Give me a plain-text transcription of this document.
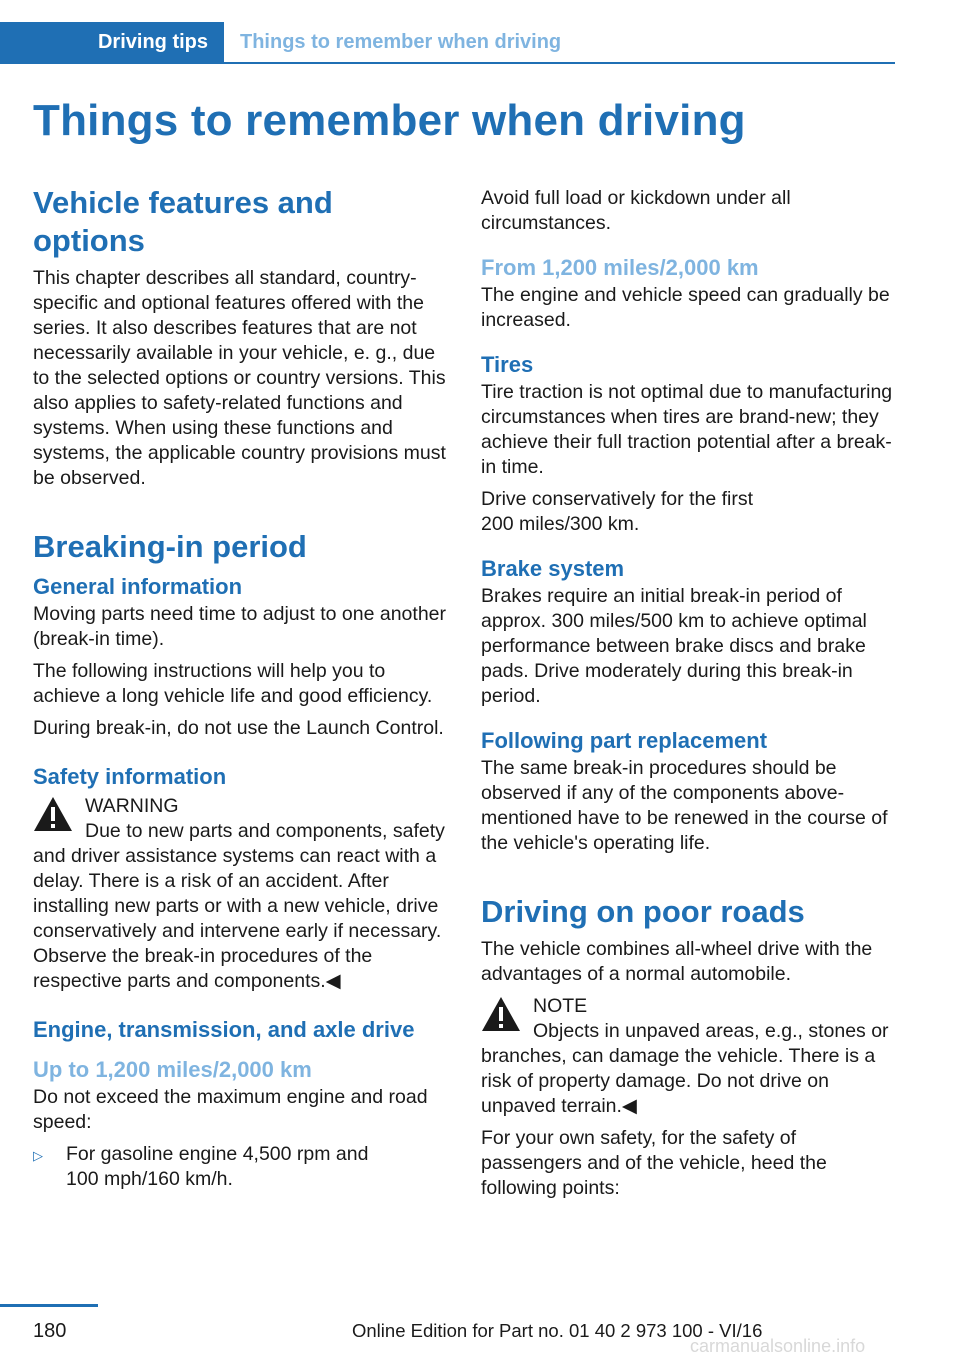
Driving tips	Things to remember when driving
Things to remember when driving
Vehicle features and options

This chapter describes all standard, country-specific and optional features offered with the series. It also describes features that are not necessarily available in your vehicle, e. g., due to the selected options or country versions. This also applies to safety-related functions and systems. When using these functions and systems, the applicable country provisions must be observed.

Breaking-in period
General information

Moving parts need time to adjust to one another (break-in time).

The following instructions will help you to achieve a long vehicle life and good efficiency.

During break-in, do not use the Launch Control.

Safety information
WARNING
Due to new parts and components, safety and driver assistance systems can react with a delay. There is a risk of an accident. After installing new parts or with a new vehicle, drive conservatively and intervene early if necessary. Observe the break-in procedures of the respective parts and components.◀
Engine, transmission, and axle drive
Up to 1,200 miles/2,000 km

Do not exceed the maximum engine and road speed:

▷	For gasoline engine 4,500 rpm and 100 mph/160 km/h.

Avoid full load or kickdown under all circumstances.

From 1,200 miles/2,000 km

The engine and vehicle speed can gradually be increased.

Tires

Tire traction is not optimal due to manufacturing circumstances when tires are brand-new; they achieve their full traction potential after a break-in time.

Drive conservatively for the first 200 miles/300 km.

Brake system

Brakes require an initial break-in period of approx. 300 miles/500 km to achieve optimal performance between brake discs and brake pads. Drive moderately during this break-in period.

Following part replacement

The same break-in procedures should be observed if any of the components above-mentioned have to be renewed in the course of the vehicle's operating life.

Driving on poor roads

The vehicle combines all-wheel drive with the advantages of a normal automobile.

NOTE
Objects in unpaved areas, e.g., stones or branches, can damage the vehicle. There is a risk of property damage. Do not drive on unpaved terrain.◀

For your own safety, for the safety of passengers and of the vehicle, heed the following points:

180	Online Edition for Part no. 01 40 2 973 100 - VI/16
carmanualsonline.info
